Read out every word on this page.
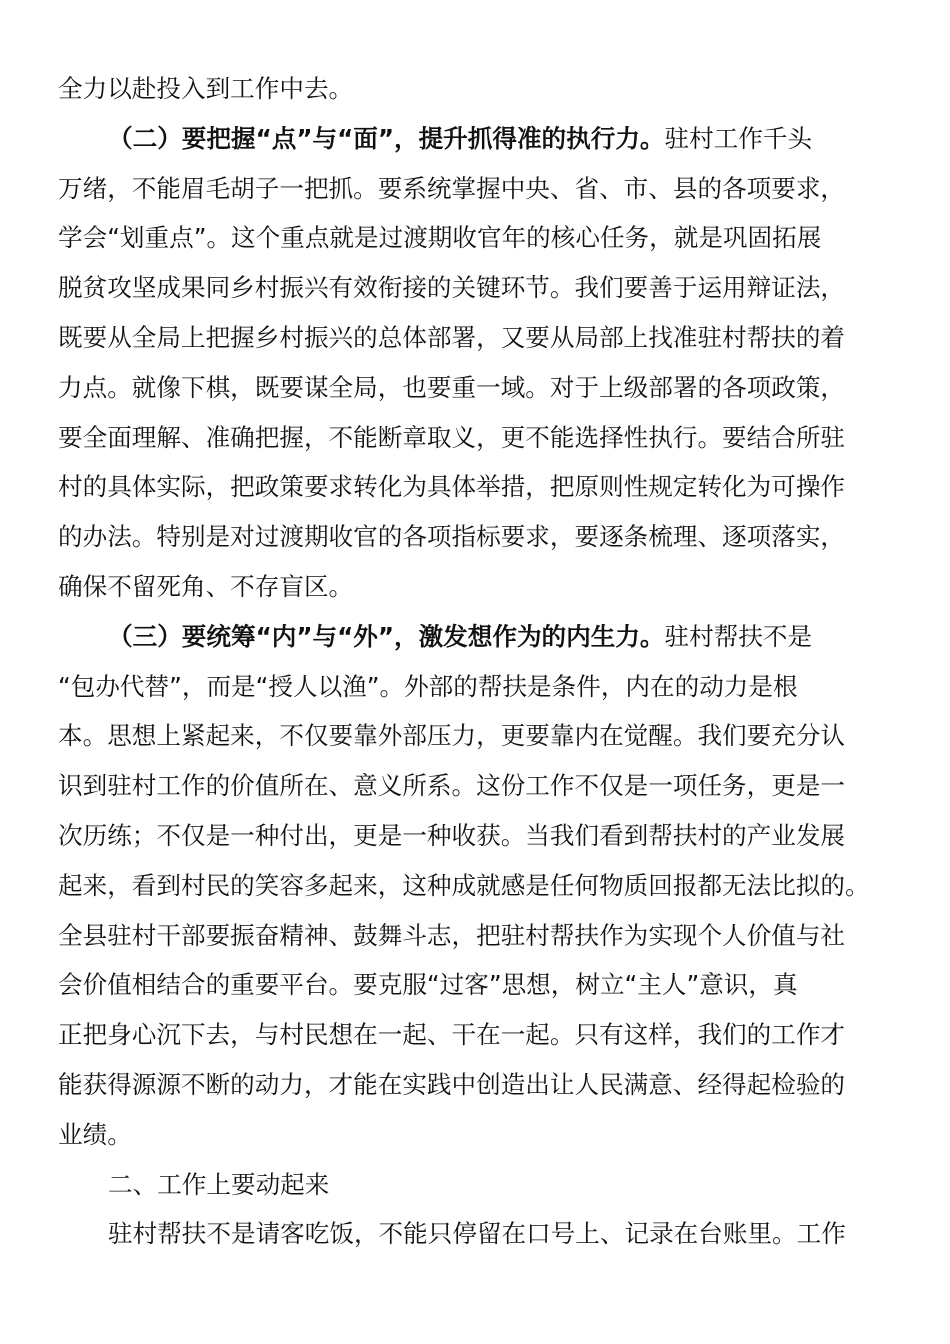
全力以赴投入到工作中去。
（二）要把握“点”与“面”，提升抓得准的执行力。驻村工作千头
万绪，不能眉毛胡子一把抓。要系统掌握中央、省、市、县的各项要求，
学会“划重点”。这个重点就是过渡期收官年的核心任务，就是巩固拓展
脱贫攻坚成果同乡村振兴有效衔接的关键环节。我们要善于运用辩证法，
既要从全局上把握乡村振兴的总体部署，又要从局部上找准驻村帮扶的着
力点。就像下棋，既要谋全局，也要重一域。对于上级部署的各项政策，
要全面理解、准确把握，不能断章取义，更不能选择性执行。要结合所驻
村的具体实际，把政策要求转化为具体举措，把原则性规定转化为可操作
的办法。特别是对过渡期收官的各项指标要求，要逐条梳理、逐项落实，
确保不留死角、不存盲区。
（三）要统筹“内”与“外”，激发想作为的内生力。驻村帮扶不是
“包办代替”，而是“授人以渔”。外部的帮扶是条件，内在的动力是根
本。思想上紧起来，不仅要靠外部压力，更要靠内在觉醒。我们要充分认
识到驻村工作的价值所在、意义所系。这份工作不仅是一项任务，更是一
次历练；不仅是一种付出，更是一种收获。当我们看到帮扶村的产业发展
起来，看到村民的笑容多起来，这种成就感是任何物质回报都无法比拟的。
全县驻村干部要振奋精神、鼓舞斗志，把驻村帮扶作为实现个人价值与社
会价值相结合的重要平台。要克服“过客”思想，树立“主人”意识，真
正把身心沉下去，与村民想在一起、干在一起。只有这样，我们的工作才
能获得源源不断的动力，才能在实践中创造出让人民满意、经得起检验的
业绩。
二、工作上要动起来
驻村帮扶不是请客吃饭，不能只停留在口号上、记录在台账里。工作
